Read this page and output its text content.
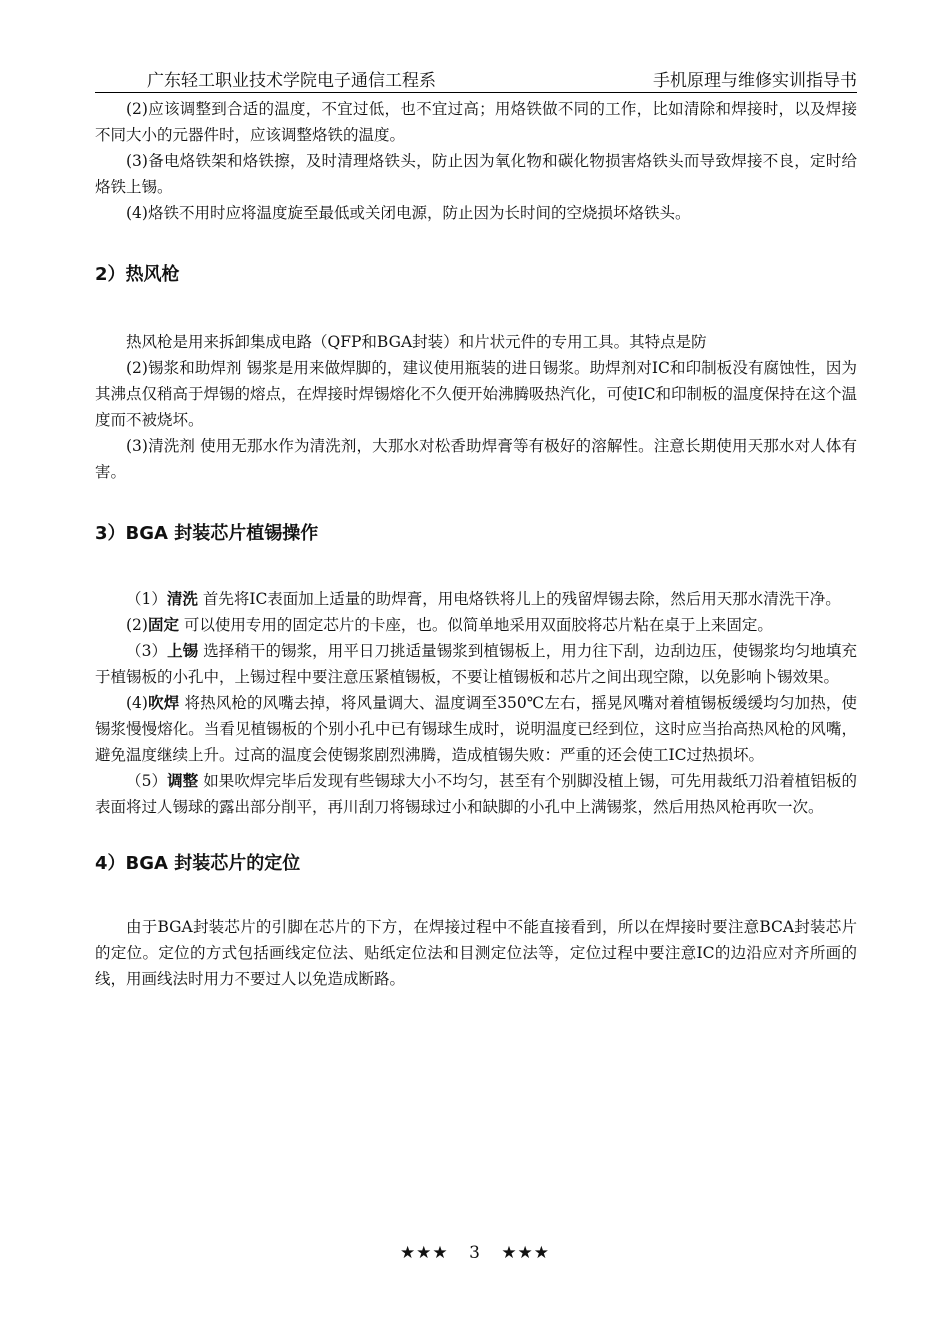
广东轻工职业技术学院电子通信工程系	手机原理与维修实训指导书

(2)应该调整到合适的温度，不宜过低，也不宜过高；用烙铁做不同的工作，比如清除和焊接时，以及焊接不同大小的元器件时，应该调整烙铁的温度。

(3)备电烙铁架和烙铁擦，及时清理烙铁头，防止因为氧化物和碳化物损害烙铁头而导致焊接不良，定时给烙铁上锡。

(4)烙铁不用时应将温度旋至最低或关闭电源，防止因为长时间的空烧损坏烙铁头。

2）热风枪

热风枪是用来拆卸集成电路（QFP和BGA封装）和片状元件的专用工具。其特点是防

(2)锡浆和助焊剂 锡浆是用来做焊脚的，建议使用瓶装的进日锡浆。助焊剂对IC和印制板没有腐蚀性，因为其沸点仅稍高于焊锡的熔点，在焊接时焊锡熔化不久便开始沸腾吸热汽化，可使IC和印制板的温度保持在这个温度而不被烧坏。

(3)清洗剂 使用无那水作为清洗剂，大那水对松香助焊膏等有极好的溶解性。注意长期使用天那水对人体有害。

3）BGA 封装芯片植锡操作

（1）清洗 首先将IC表面加上适量的助焊膏，用电烙铁将儿上的残留焊锡去除，然后用天那水清洗干净。

(2)固定 可以使用专用的固定芯片的卡座，也。似简单地采用双面胶将芯片粘在桌于上来固定。

（3）上锡 选择稍干的锡浆，用平日刀挑适量锡浆到植锡板上，用力往下刮，边刮边压，使锡浆均匀地填充于植锡板的小孔中，上锡过程中要注意压紧植锡板，不要让植锡板和芯片之间出现空隙，以免影响卜锡效果。

(4)吹焊 将热风枪的风嘴去掉，将风量调大、温度调至350℃左右，摇晃风嘴对着植锡板缓缓均匀加热，使锡浆慢慢熔化。当看见植锡板的个别小孔中已有锡球生成时，说明温度已经到位，这时应当抬高热风枪的风嘴，避免温度继续上升。过高的温度会使锡浆剧烈沸腾，造成植锡失败：严重的还会使工IC过热损坏。

（5）调整 如果吹焊完毕后发现有些锡球大小不均匀，甚至有个别脚没植上锡，可先用裁纸刀沿着植铝板的表面将过人锡球的露出部分削平，再川刮刀将锡球过小和缺脚的小孔中上满锡浆，然后用热风枪再吹一次。

4）BGA 封装芯片的定位

由于BGA封装芯片的引脚在芯片的下方，在焊接过程中不能直接看到，所以在焊接时要注意BCA封装芯片的定位。定位的方式包括画线定位法、贴纸定位法和目测定位法等，定位过程中要注意IC的边沿应对齐所画的线，用画线法时用力不要过人以免造成断路。

★★★ 3 ★★★
